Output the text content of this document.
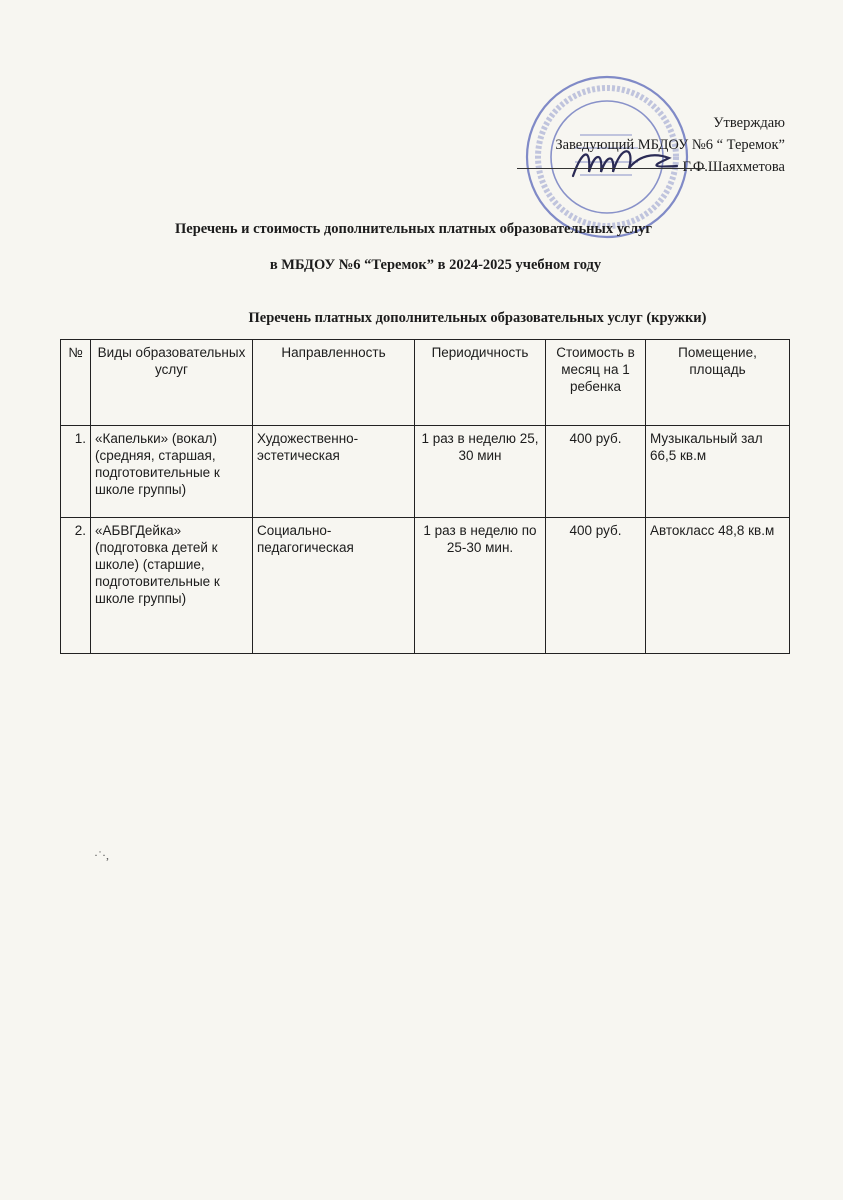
Утверждаю
Заведующий МБДОУ №6 “ Теремок”
Г.Ф.Шаяхметова
Перечень и стоимость дополнительных платных образовательных услуг
в МБДОУ №6 “Теремок” в 2024-2025 учебном году
Перечень платных дополнительных образовательных услуг (кружки)
№	Виды образовательных услуг	Направленность	Периодичность	Стоимость в месяц на 1 ребенка	Помещение, площадь
1.	«Капельки» (вокал) (средняя, старшая, подготовительные к школе группы)	Художественно-эстетическая	1 раз в неделю 25, 30 мин	400 руб.	Музыкальный зал 66,5 кв.м
2.	«АБВГДейка» (подготовка детей к школе) (старшие, подготовительные к школе группы)	Социально-педагогическая	1 раз в неделю по 25-30 мин.	400 руб.	Автокласс 48,8 кв.м
·˙·,
